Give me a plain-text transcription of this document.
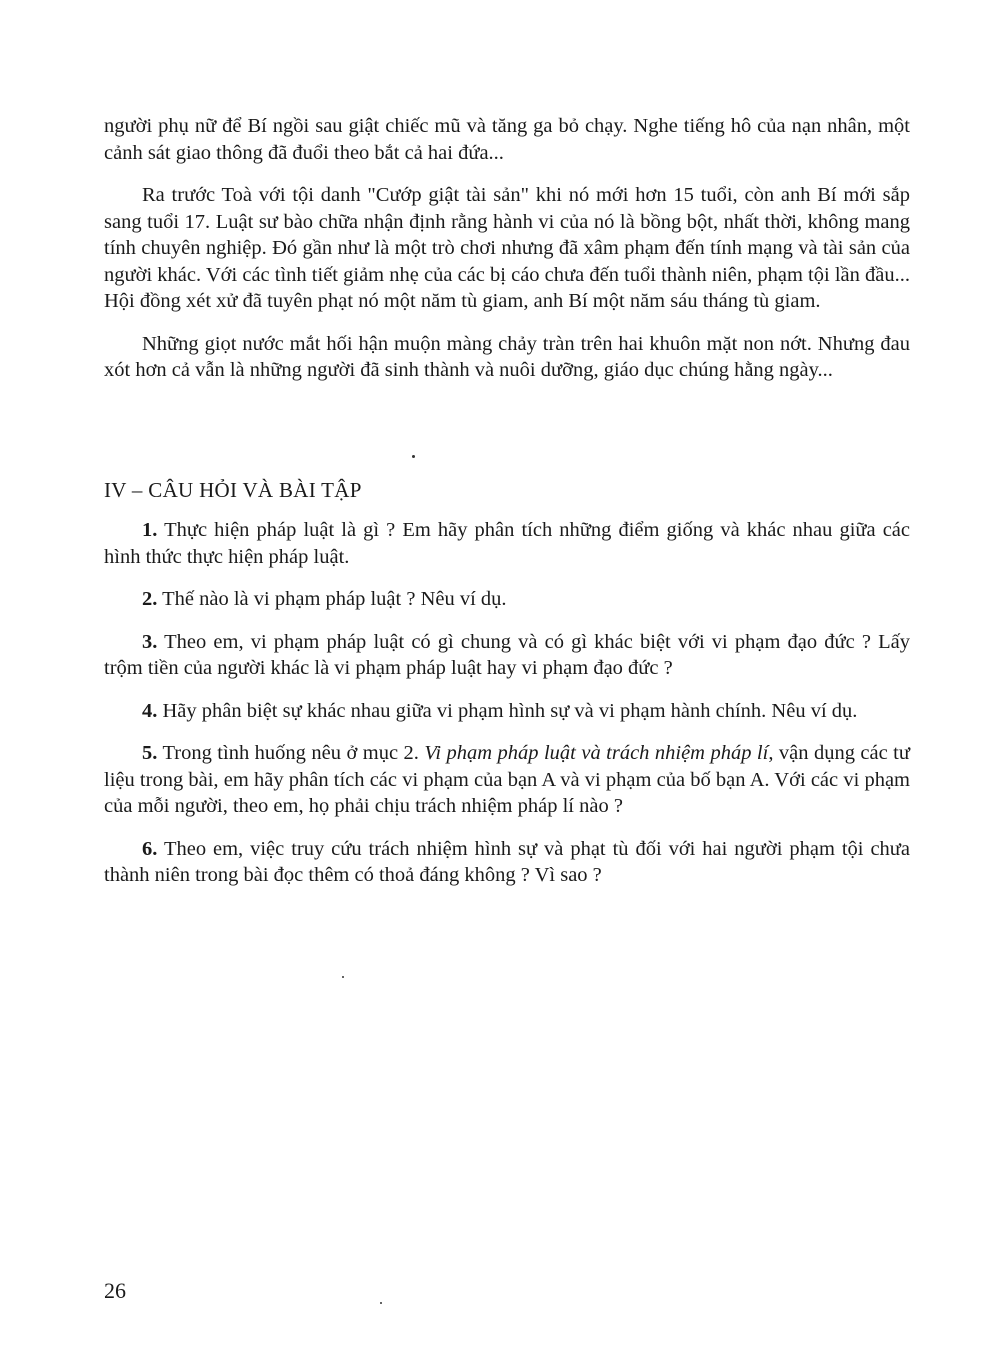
người phụ nữ để Bí ngồi sau giật chiếc mũ và tăng ga bỏ chạy. Nghe tiếng hô của nạn nhân, một cảnh sát giao thông đã đuổi theo bắt cả hai đứa...

Ra trước Toà với tội danh "Cướp giật tài sản" khi nó mới hơn 15 tuổi, còn anh Bí mới sắp sang tuổi 17. Luật sư bào chữa nhận định rằng hành vi của nó là bồng bột, nhất thời, không mang tính chuyên nghiệp. Đó gần như là một trò chơi nhưng đã xâm phạm đến tính mạng và tài sản của người khác. Với các tình tiết giảm nhẹ của các bị cáo chưa đến tuổi thành niên, phạm tội lần đầu... Hội đồng xét xử đã tuyên phạt nó một năm tù giam, anh Bí một năm sáu tháng tù giam.

Những giọt nước mắt hối hận muộn màng chảy tràn trên hai khuôn mặt non nớt. Nhưng đau xót hơn cả vẫn là những người đã sinh thành và nuôi dưỡng, giáo dục chúng hằng ngày...

IV – CÂU HỎI VÀ BÀI TẬP

1. Thực hiện pháp luật là gì ? Em hãy phân tích những điểm giống và khác nhau giữa các hình thức thực hiện pháp luật.

2. Thế nào là vi phạm pháp luật ? Nêu ví dụ.

3. Theo em, vi phạm pháp luật có gì chung và có gì khác biệt với vi phạm đạo đức ? Lấy trộm tiền của người khác là vi phạm pháp luật hay vi phạm đạo đức ?

4. Hãy phân biệt sự khác nhau giữa vi phạm hình sự và vi phạm hành chính. Nêu ví dụ.

5. Trong tình huống nêu ở mục 2. Vi phạm pháp luật và trách nhiệm pháp lí, vận dụng các tư liệu trong bài, em hãy phân tích các vi phạm của bạn A và vi phạm của bố bạn A. Với các vi phạm của mỗi người, theo em, họ phải chịu trách nhiệm pháp lí nào ?

6. Theo em, việc truy cứu trách nhiệm hình sự và phạt tù đối với hai người phạm tội chưa thành niên trong bài đọc thêm có thoả đáng không ? Vì sao ?

26
